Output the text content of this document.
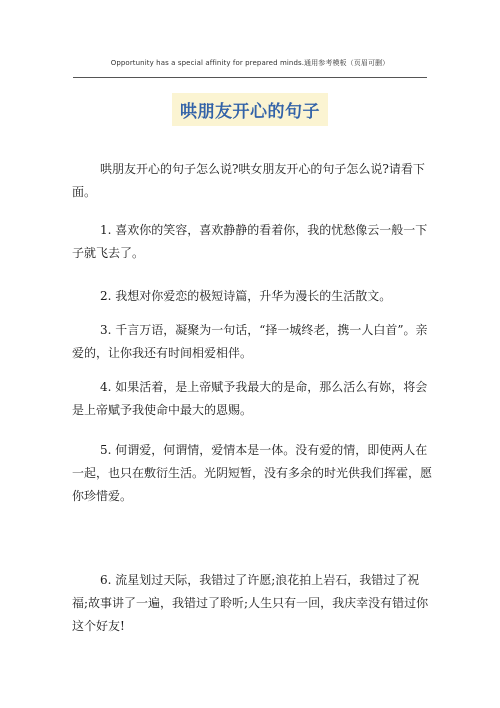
Opportunity has a special affinity for prepared minds.通用参考模板（页眉可删）
哄朋友开心的句子

哄朋友开心的句子怎么说?哄女朋友开心的句子怎么说?请看下面。

1. 喜欢你的笑容，喜欢静静的看着你，我的忧愁像云一般一下子就飞去了。

2. 我想对你爱恋的极短诗篇，升华为漫长的生活散文。

3. 千言万语，凝聚为一句话，“择一城终老，携一人白首”。亲爱的，让你我还有时间相爱相伴。

4. 如果活着，是上帝赋予我最大的是命，那么活么有妳，将会是上帝赋予我使命中最大的恩赐。

5. 何谓爱，何谓情，爱情本是一体。没有爱的情，即使两人在一起，也只在敷衍生活。光阴短暂，没有多余的时光供我们挥霍，愿你珍惜爱。

6. 流星划过天际，我错过了许愿;浪花拍上岩石，我错过了祝福;故事讲了一遍，我错过了聆听;人生只有一回，我庆幸没有错过你这个好友!
